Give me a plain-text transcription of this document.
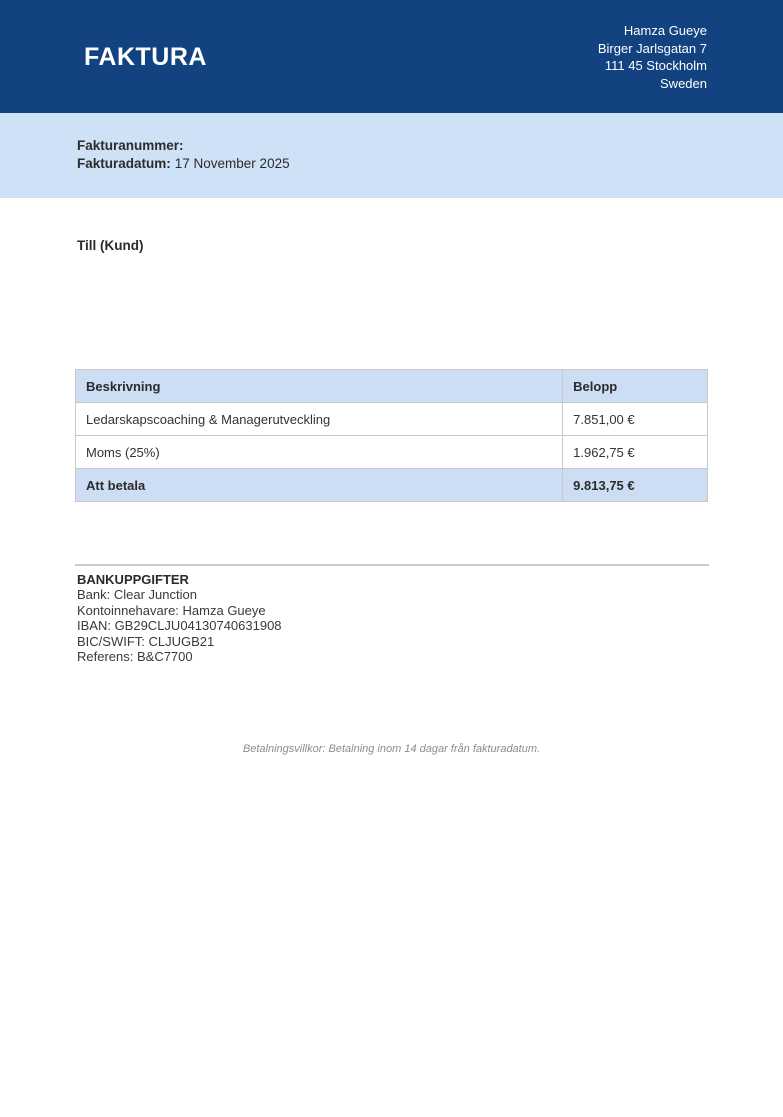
FAKTURA
Hamza Gueye
Birger Jarlsgatan 7
111 45 Stockholm
Sweden
Fakturanummer:
Fakturadatum: 17 November 2025
Till (Kund)
Beskrivning	Belopp
Ledarskapscoaching & Managerutveckling	7.851,00 €
Moms (25%)	1.962,75 €
Att betala	9.813,75 €
BANKUPPGIFTER
Bank: Clear Junction
Kontoinnehavare: Hamza Gueye
IBAN: GB29CLJU04130740631908
BIC/SWIFT: CLJUGB21
Referens: B&C7700
Betalningsvillkor: Betalning inom 14 dagar från fakturadatum.
